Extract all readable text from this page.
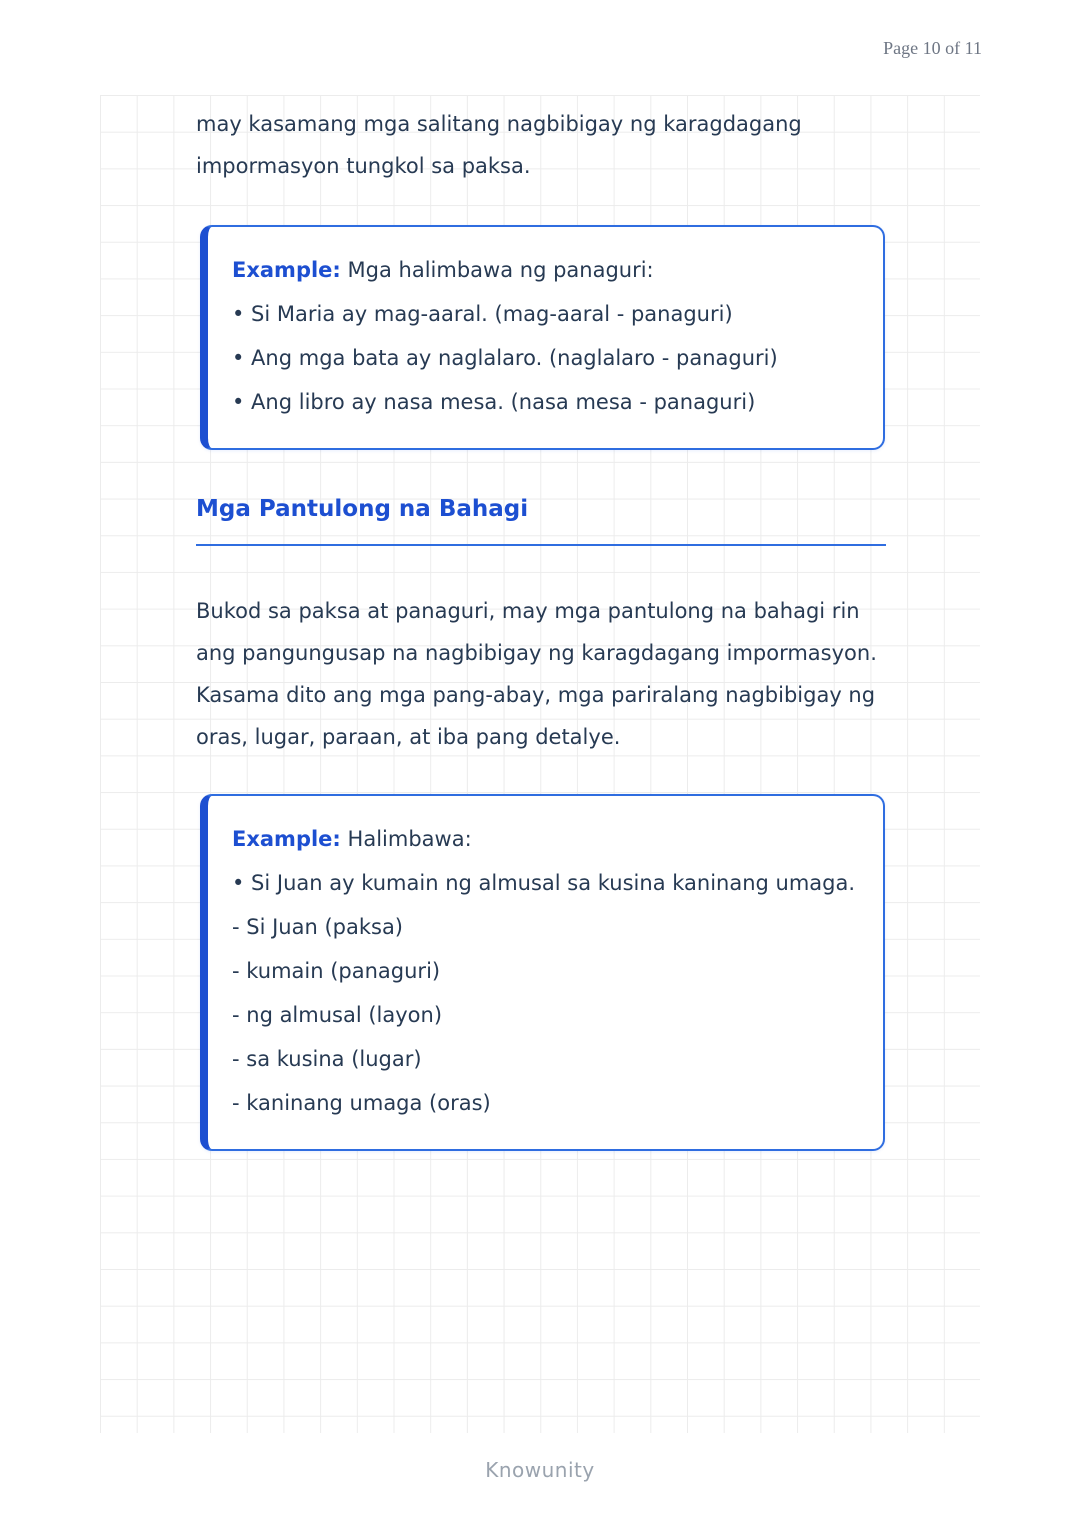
Page 10 of 11

may kasamang mga salitang nagbibigay ng karagdagang impormasyon tungkol sa paksa.

Example: Mga halimbawa ng panaguri:

• Si Maria ay mag-aaral. (mag-aaral - panaguri)

• Ang mga bata ay naglalaro. (naglalaro - panaguri)

• Ang libro ay nasa mesa. (nasa mesa - panaguri)

Mga Pantulong na Bahagi

Bukod sa paksa at panaguri, may mga pantulong na bahagi rin ang pangungusap na nagbibigay ng karagdagang impormasyon. Kasama dito ang mga pang-abay, mga pariralang nagbibigay ng oras, lugar, paraan, at iba pang detalye.

Example: Halimbawa:

• Si Juan ay kumain ng almusal sa kusina kaninang umaga.

- Si Juan (paksa)

- kumain (panaguri)

- ng almusal (layon)

- sa kusina (lugar)

- kaninang umaga (oras)

Knowunity
